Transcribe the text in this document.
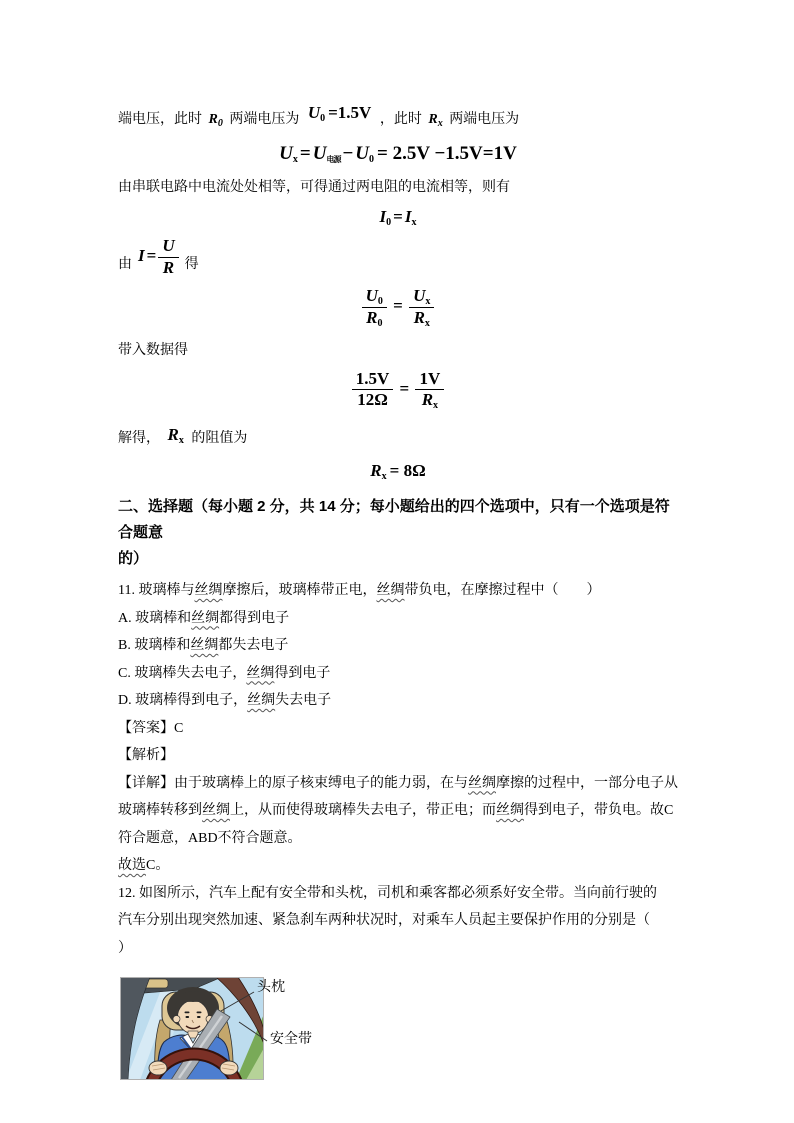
端电压，此时 $R_0$ 两端电压为 $U_0 =1.5V$ ，此时 $R_x$ 两端电压为

$U_x = U_{电源} - U_0 = 2.5V -1.5V=1V$

由串联电路中电流处处相等，可得通过两电阻的电流相等，则有

$I_0 = I_x$
由 $I = \frac{U}{R}$ 得
$\frac{U_0}{R_0} = \frac{U_x}{R_x}$

带入数据得

$\frac{1.5V}{12\Omega} = \frac{1V}{R_x}$

解得， $R_x$ 的阻值为

$R_x = 8\Omega$
二、选择题（每小题 2 分，共 14 分；每小题给出的四个选项中，只有一个选项是符合题意
的）

11. 玻璃棒与丝绸摩擦后，玻璃棒带正电，丝绸带负电，在摩擦过程中（　　）

A. 玻璃棒和丝绸都得到电子

B. 玻璃棒和丝绸都失去电子

C. 玻璃棒失去电子，丝绸得到电子

D. 玻璃棒得到电子，丝绸失去电子

【答案】C

【解析】

【详解】由于玻璃棒上的原子核束缚电子的能力弱，在与丝绸摩擦的过程中，一部分电子从玻璃棒转移到丝绸上，从而使得玻璃棒失去电子，带正电；而丝绸得到电子，带负电。故C符合题意，ABD不符合题意。

故选C。

12. 如图所示，汽车上配有安全带和头枕，司机和乘客都必须系好安全带。当向前行驶的
汽车分别出现突然加速、紧急刹车两种状况时，对乘车人员起主要保护作用的分别是（
）

头枕
安全带
